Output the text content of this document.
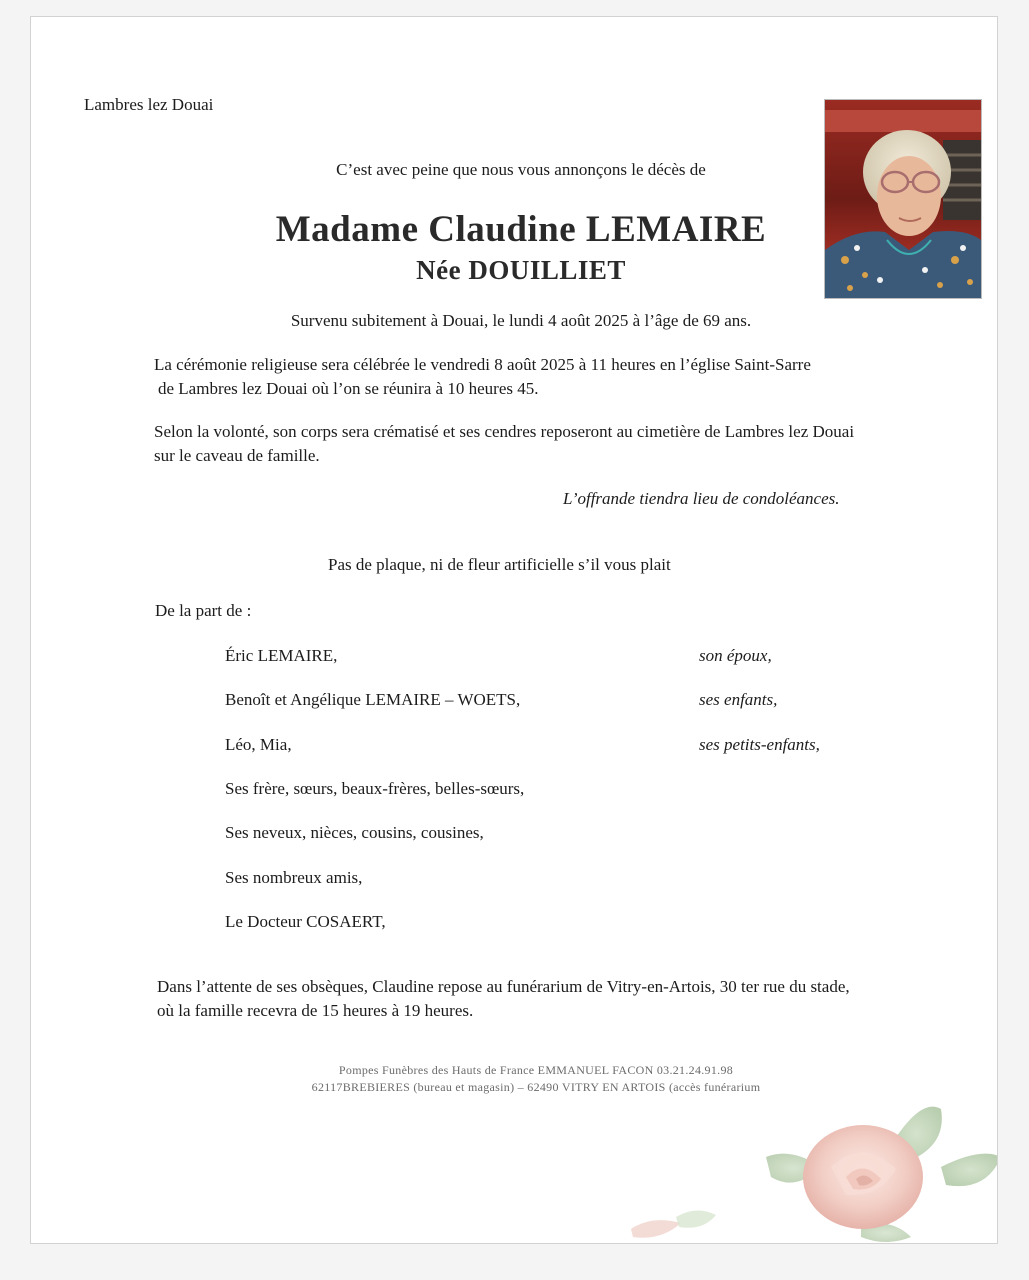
Lambres lez Douai
C’est avec peine que nous vous annonçons le décès de
Madame Claudine LEMAIRE
Née DOUILLIET
Survenu subitement à Douai, le lundi 4 août 2025 à l’âge de 69 ans.
La cérémonie religieuse sera célébrée le vendredi 8 août 2025 à 11 heures en l’église Saint-Sarre
de Lambres lez Douai où l’on se réunira à 10 heures 45.
Selon la volonté, son corps sera crématisé et ses cendres reposeront au cimetière de Lambres lez Douai
sur le caveau de famille.
L’offrande tiendra lieu de condoléances.
Pas de plaque, ni de fleur artificielle s’il vous plait
De la part de :
Éric LEMAIRE,	son époux,
Benoît et Angélique LEMAIRE – WOETS,	ses enfants,
Léo, Mia,	ses petits-enfants,
Ses frère, sœurs, beaux-frères, belles-sœurs,
Ses neveux, nièces, cousins, cousines,
Ses nombreux amis,
Le Docteur COSAERT,
Dans l’attente de ses obsèques, Claudine repose au funérarium de Vitry-en-Artois, 30 ter rue du stade,
où la famille recevra de 15 heures à 19 heures.
Pompes Funèbres des Hauts de France EMMANUEL FACON 03.21.24.91.98
62117BREBIERES (bureau et magasin) – 62490 VITRY EN ARTOIS (accès funérarium
